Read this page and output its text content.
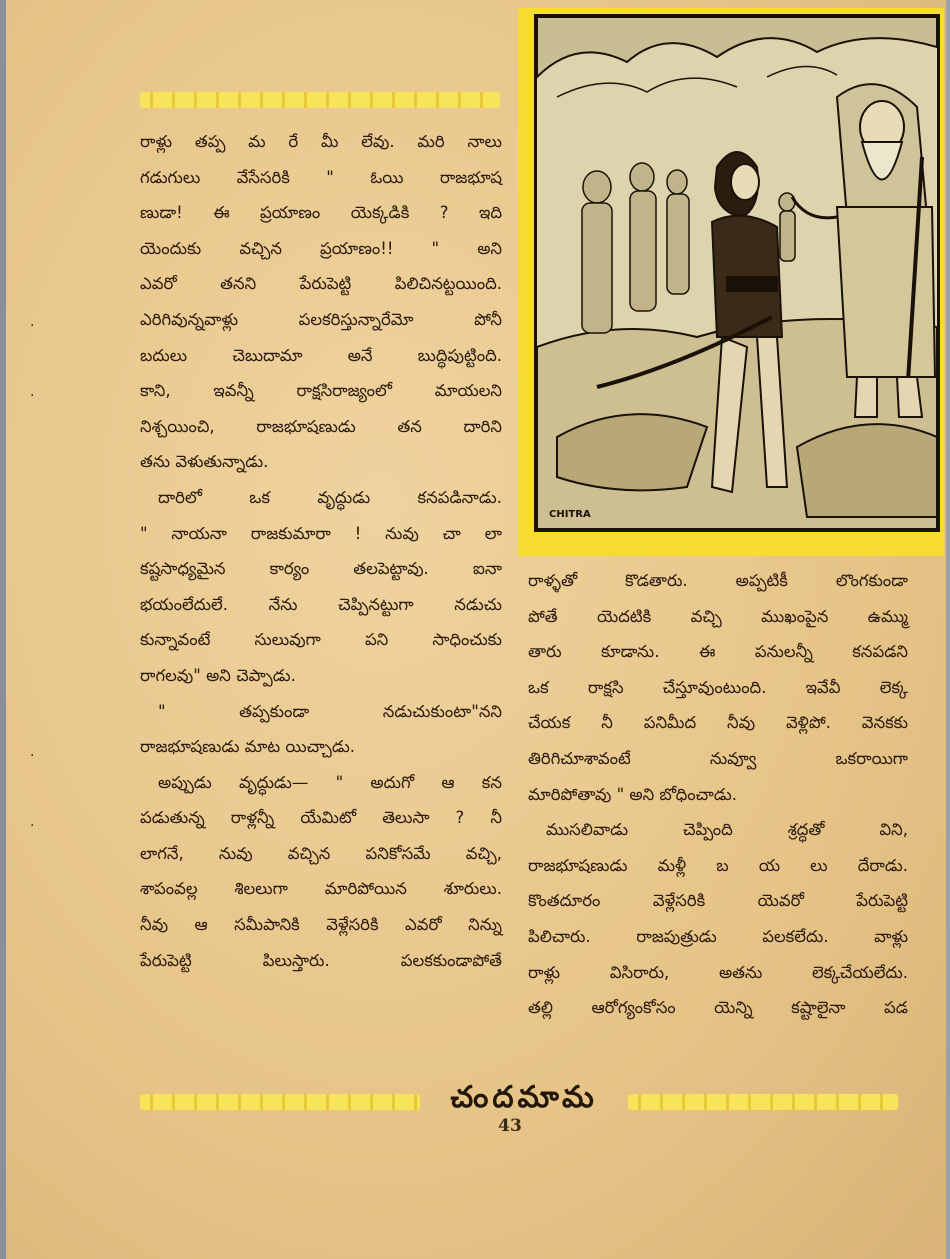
CHITRA
రాళ్లు తప్ప మ రే మీ లేవు. మరి నాలు
గడుగులు వేసేసరికి " ఓయి రాజభూష
ణుడా! ఈ ప్రయాణం యెక్కడికి ? ఇది
యెందుకు వచ్చిన ప్రయాణం!! " అని
ఎవరో తనని పేరుపెట్టి పిలిచినట్టయింది.
ఎరిగివున్నవాళ్లు పలకరిస్తున్నారేమో పోనీ
బదులు చెబుదామా అనే బుద్ధిపుట్టింది.
కాని, ఇవన్నీ రాక్షసిరాజ్యంలో మాయలని
నిశ్చయించి, రాజభూషణుడు తన దారిని
తను వెళుతున్నాడు.
దారిలో ఒక వృద్ధుడు కనపడినాడు.
" నాయనా రాజకుమారా ! నువు చా లా
కష్టసాధ్యమైన కార్యం తలపెట్టావు. ఐనా
భయంలేదులే. నేను చెప్పినట్టుగా నడుచు
కున్నావంటే సులువుగా పని సాధించుకు
రాగలవు" అని చెప్పాడు.
" తప్పకుండా నడుచుకుంటా"నని
రాజభూషణుడు మాట యిచ్చాడు.
అప్పుడు వృద్ధుడు— " అదుగో ఆ కన
పడుతున్న రాళ్లన్నీ యేమిటో తెలుసా ? నీ
లాగనే, నువు వచ్చిన పనికోసమే వచ్చి,
శాపంవల్ల శిలలుగా మారిపోయిన శూరులు.
నీవు ఆ సమీపానికి వెళ్లేసరికి ఎవరో నిన్ను
పేరుపెట్టి పిలుస్తారు. పలకకుండాపోతే
రాళ్ళతో కొడతారు. అప్పటికీ లొంగకుండా
పోతే యెదటికి వచ్చి ముఖంపైన ఉమ్ము
తారు కూడాను. ఈ పనులన్నీ కనపడని
ఒక రాక్షసి చేస్తూవుంటుంది. ఇవేవీ లెక్క
చేయక నీ పనిమీద నీవు వెళ్లిపో. వెనకకు
తిరిగిచూశావంటే నువ్వూ ఒకరాయిగా
మారిపోతావు " అని బోధించాడు.
ముసలివాడు చెప్పింది శ్రద్ధతో విని,
రాజభూషణుడు మళ్లీ బ య లు దేరాడు.
కొంతదూరం వెళ్లేసరికి యెవరో పేరుపెట్టి
పిలిచారు. రాజపుత్రుడు పలకలేదు. వాళ్లు
రాళ్లు విసిరారు, అతను లెక్కచేయలేదు.
తల్లి ఆరోగ్యంకోసం యెన్ని కష్టాలైనా పడ
చందమామ
43
·
·
·
·
